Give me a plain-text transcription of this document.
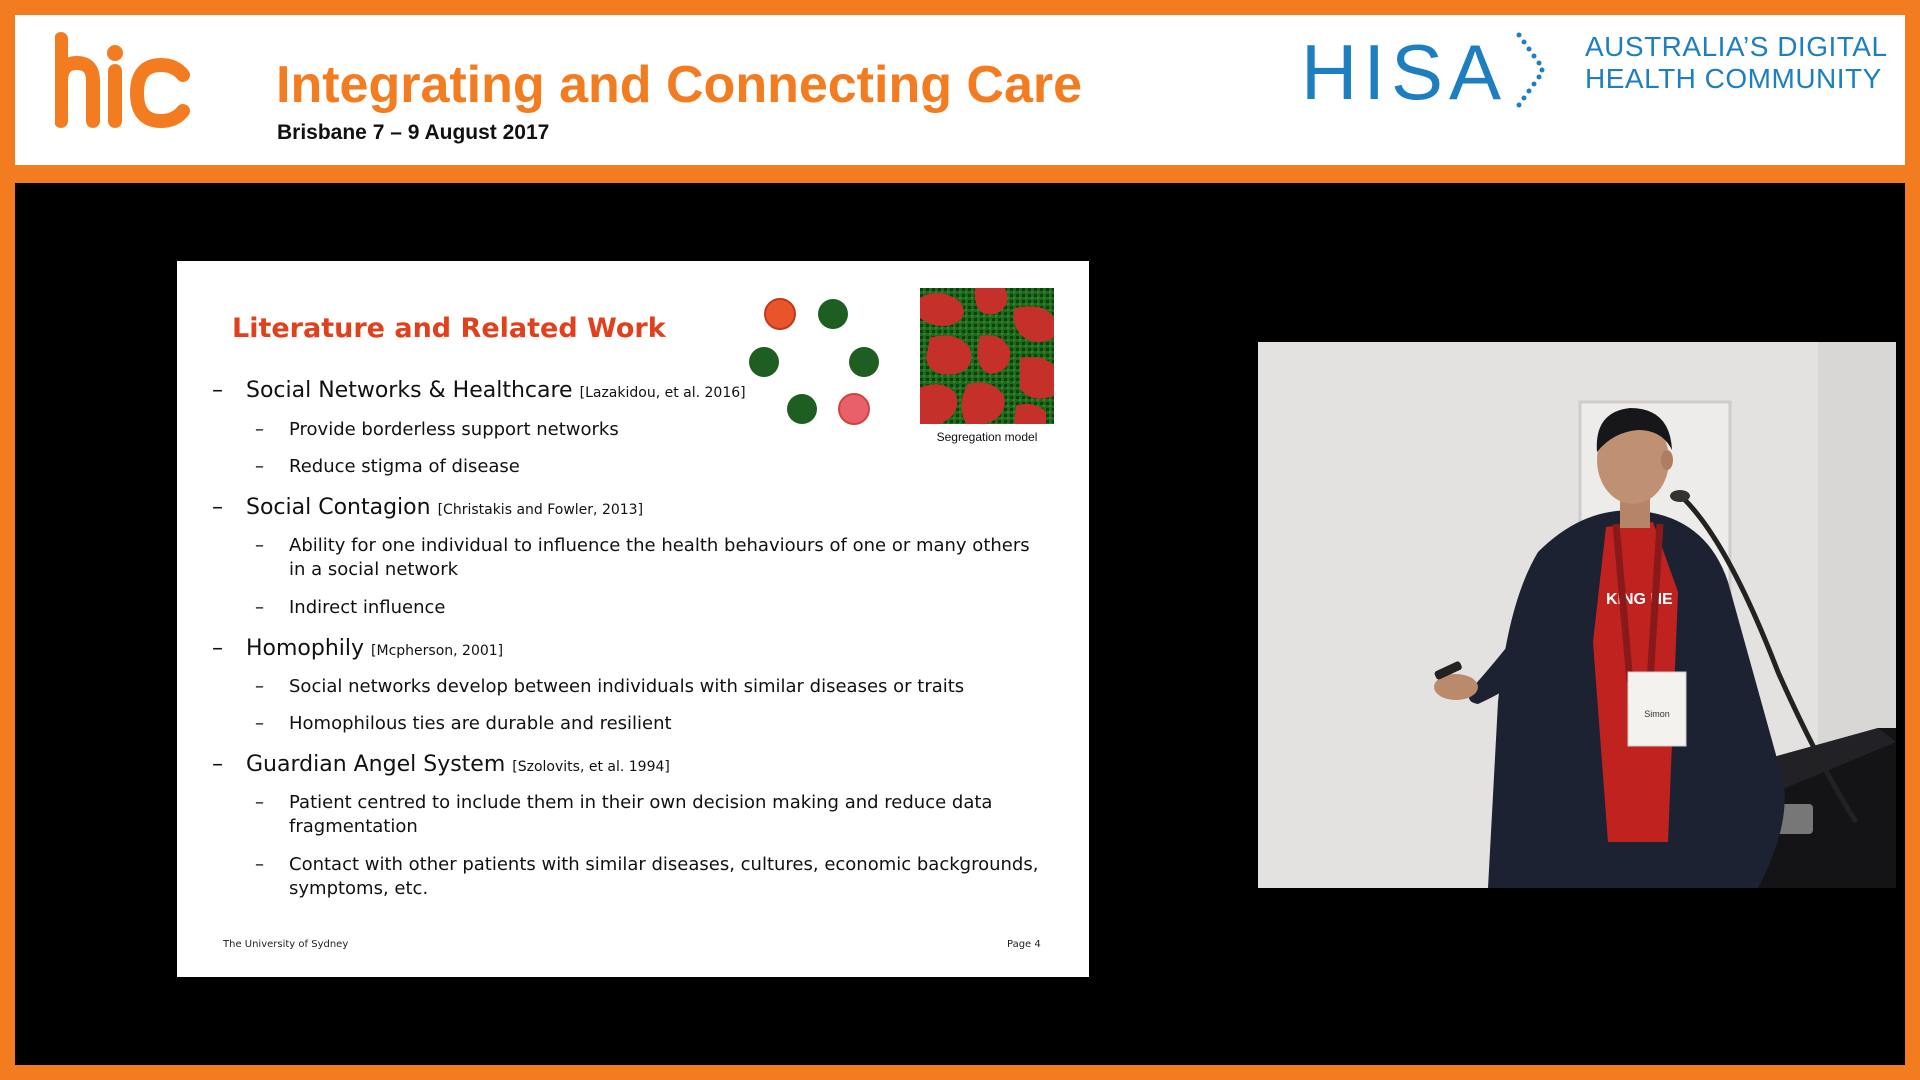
Integrating and Connecting Care
Brisbane 7 – 9 August 2017
HISA	AUSTRALIA’S DIGITAL
HEALTH COMMUNITY
Literature and Related Work
Segregation model
– Social Networks & Healthcare [Lazakidou, et al. 2016]
– Provide borderless support networks
– Reduce stigma of disease
– Social Contagion [Christakis and Fowler, 2013]
– Ability for one individual to influence the health behaviours of one or many others in a social network
– Indirect influence
– Homophily [Mcpherson, 2001]
– Social networks develop between individuals with similar diseases or traits
– Homophilous ties are durable and resilient
– Guardian Angel System [Szolovits, et al. 1994]
– Patient centred to include them in their own decision making and reduce data fragmentation
– Contact with other patients with similar diseases, cultures, economic backgrounds, symptoms, etc.
The University of Sydney	Page 4
KING HE
Simon
